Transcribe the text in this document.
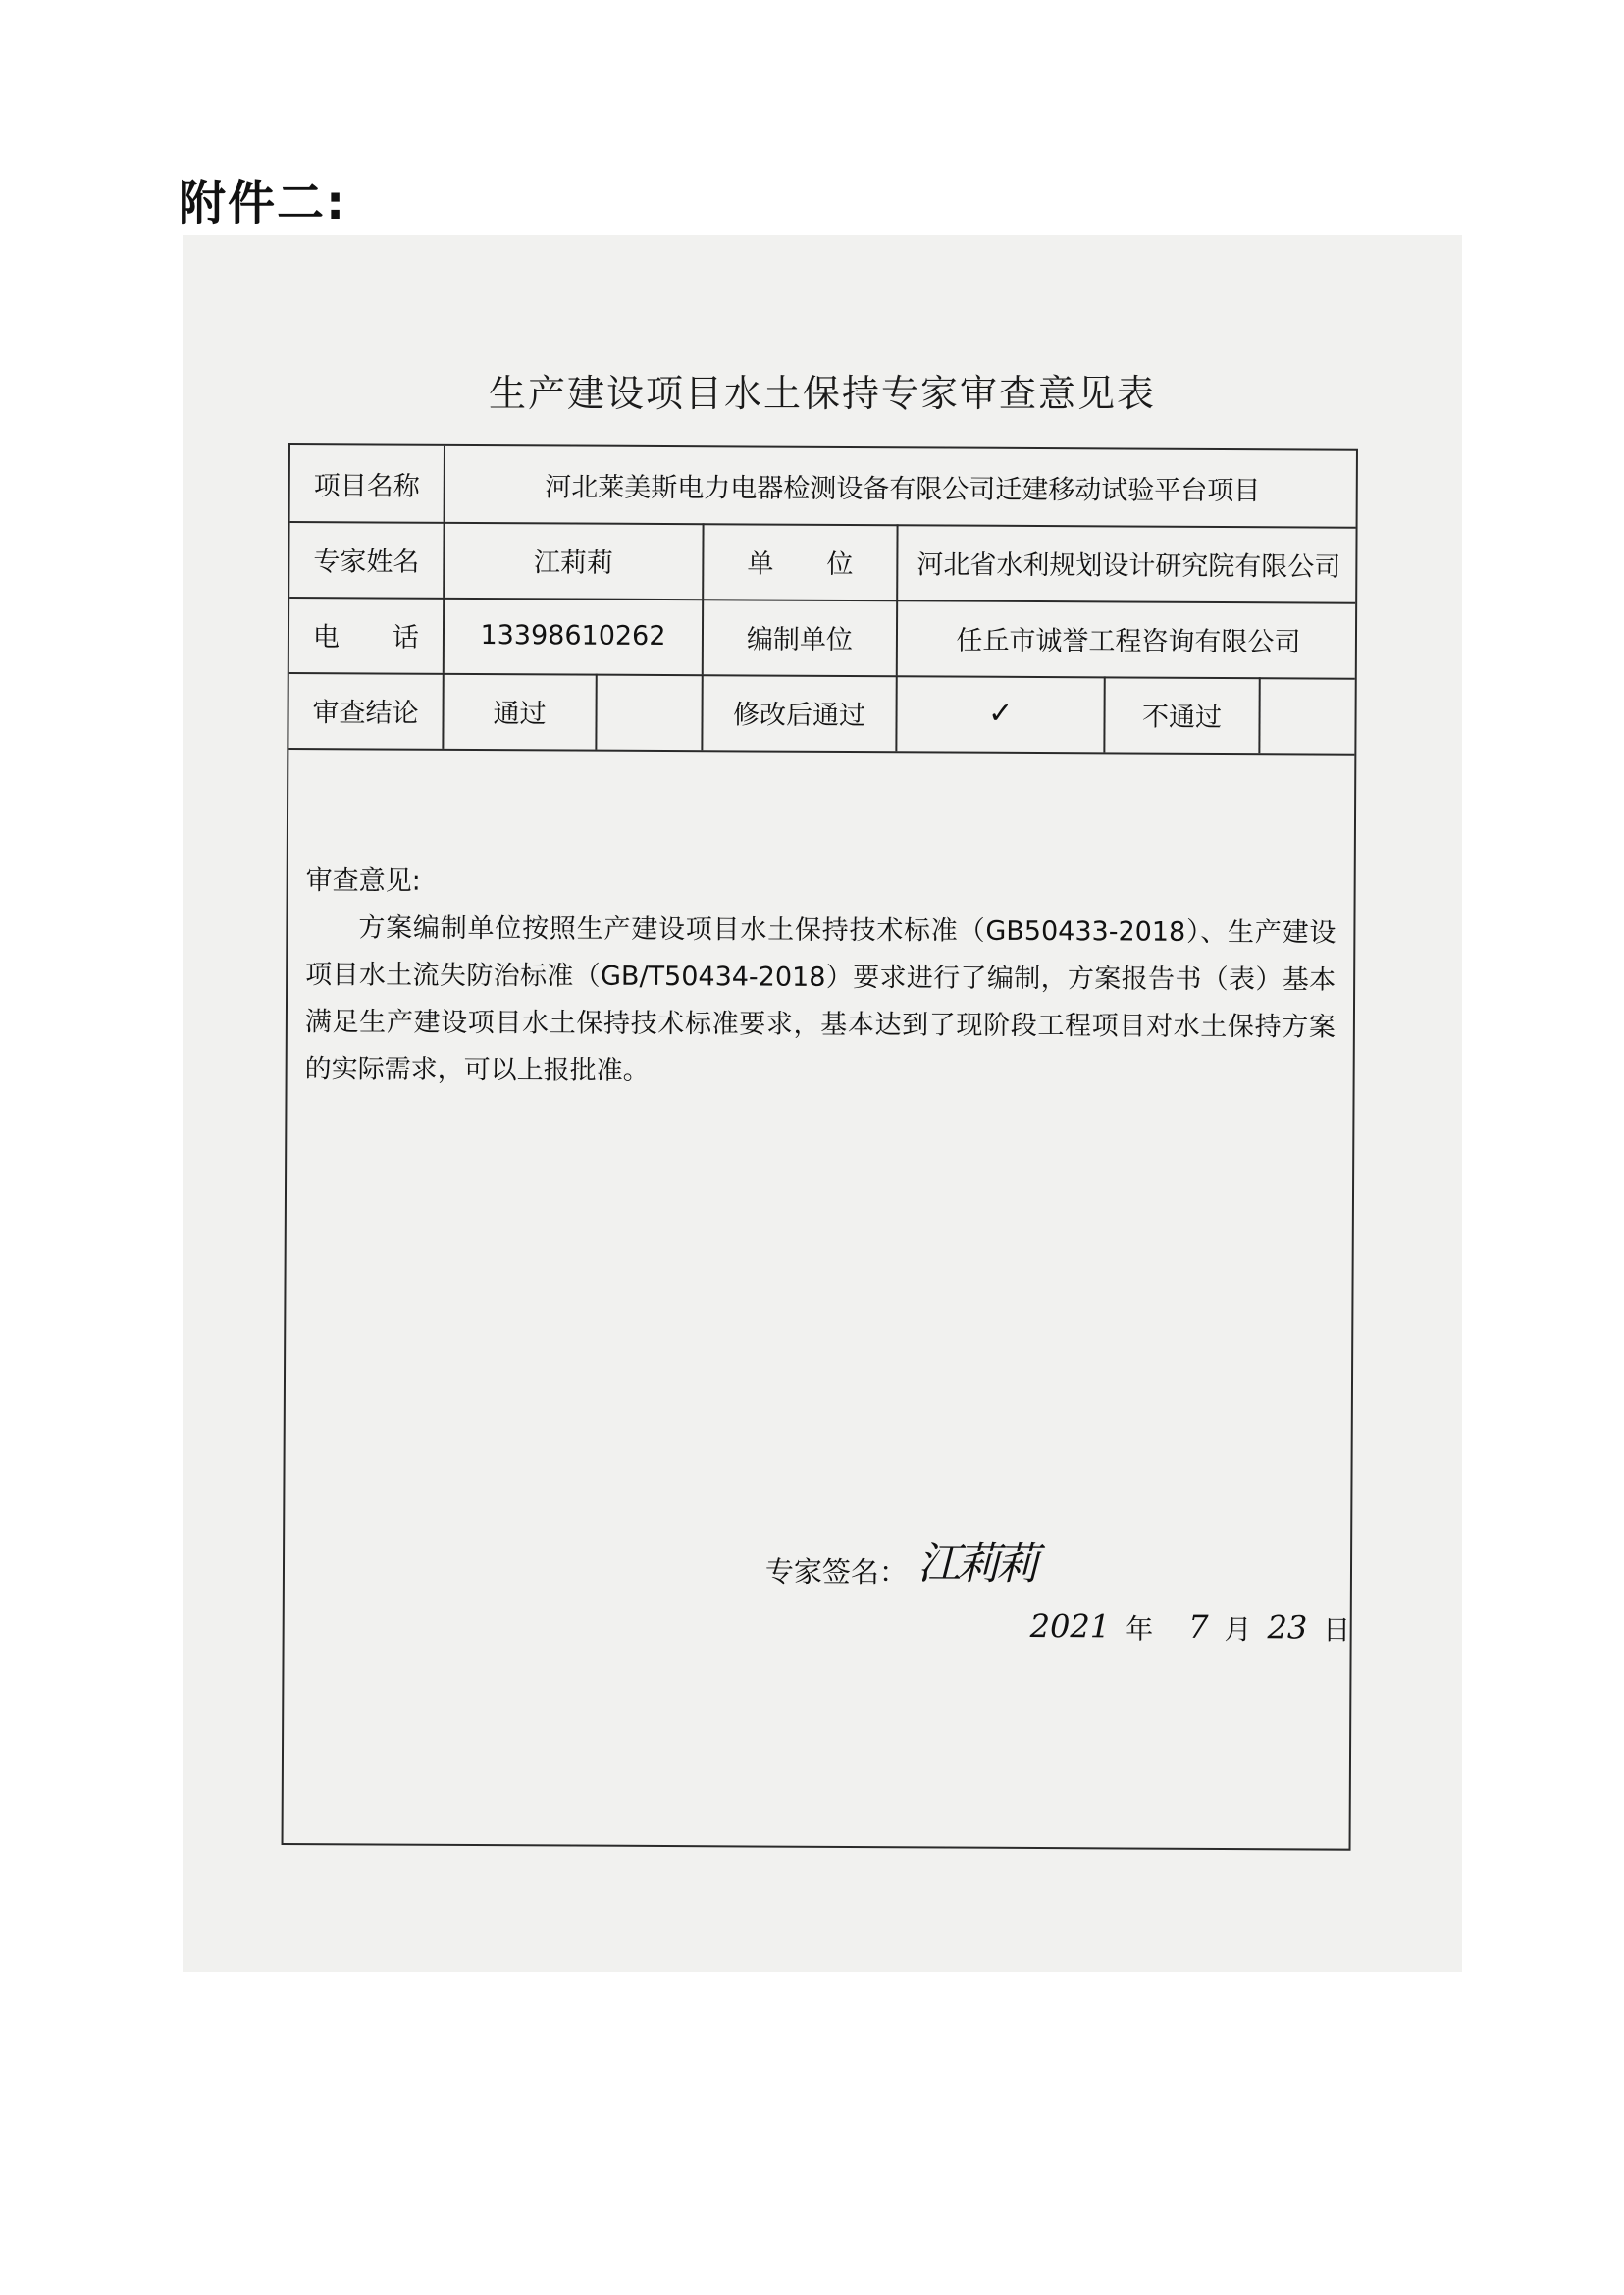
附件二:
生产建设项目水土保持专家审查意见表
项目名称	河北莱美斯电力电器检测设备有限公司迁建移动试验平台项目
专家姓名	江莉莉	单　　位	河北省水利规划设计研究院有限公司
电　　话	13398610262	编制单位	任丘市诚誉工程咨询有限公司
审查结论	通过	修改后通过	✓	不通过
审查意见:

方案编制单位按照生产建设项目水土保持技术标准（GB50433-2018）、生产建设项目水土流失防治标准（GB/T50434-2018）要求进行了编制，方案报告书（表）基本满足生产建设项目水土保持技术标准要求，基本达到了现阶段工程项目对水土保持方案的实际需求，可以上报批准。

专家签名： 江莉莉
2021 年 7 月 23 日
